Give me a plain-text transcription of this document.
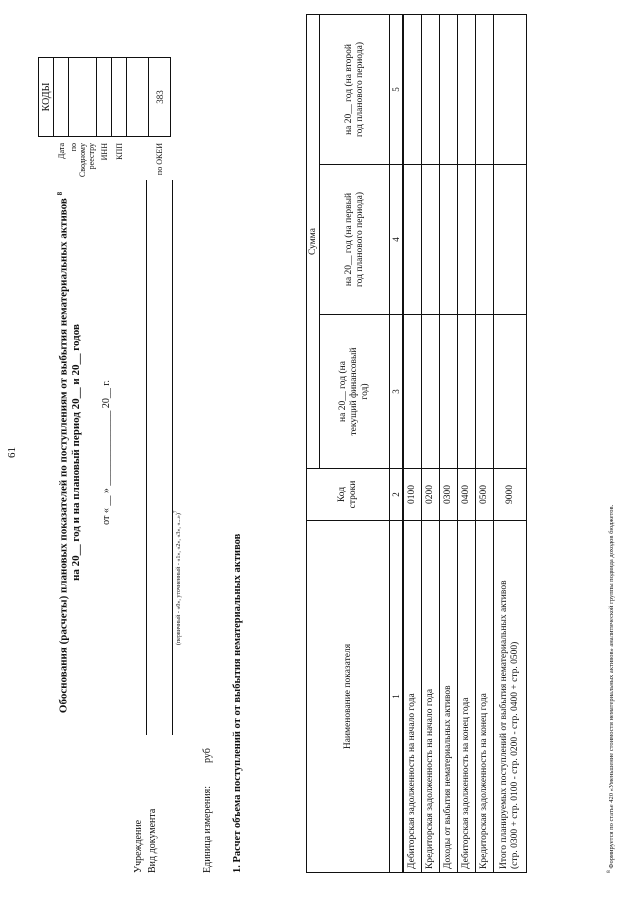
61	Обоснования (расчеты) плановых показателей по поступлениям от выбытия нематериальных активов $^8$
на 20__ год и на плановый период 20__ и 20__ годов от « __ » _______________ 20__ г.
Учреждение Вид документа
(первичный - «0», уточненный - «1», «2», «3», «...»)$^7$
Единица измерения:
руб
	КОДЫ
Дата	
по Сводному реестру	
ИНН	
КПП	

по ОКЕИ	383
1. Расчет объема поступлений от от выбытия нематериальных активов	Наименование показателя	Код строки	Сумма		
		на 20__ год (на текущий финансовый год)	на 20__ год (на первый год планового периода)	на 20__ год (на второй год планового периода)
1	2	3	4	5
Дебиторская задолженность на начало года	0100			
Кредиторская задолженность на начало года	0200			
Доходы от выбытия нематериальных активов	0300			
Дебиторская задолженность на конец года	0400			
Кредиторская задолженность на конец года	0500			

Итого планируемых поступлений от выбытия нематериальных активов (стр. 0300 + стр. 0100 - стр. 0200 - стр. 0400 + стр. 0500)	9000			
$^8$ Формируется по статье 420 «Уменьшение стоимости нематериальных активов» аналитической группы подвида доходов бюджетов.
